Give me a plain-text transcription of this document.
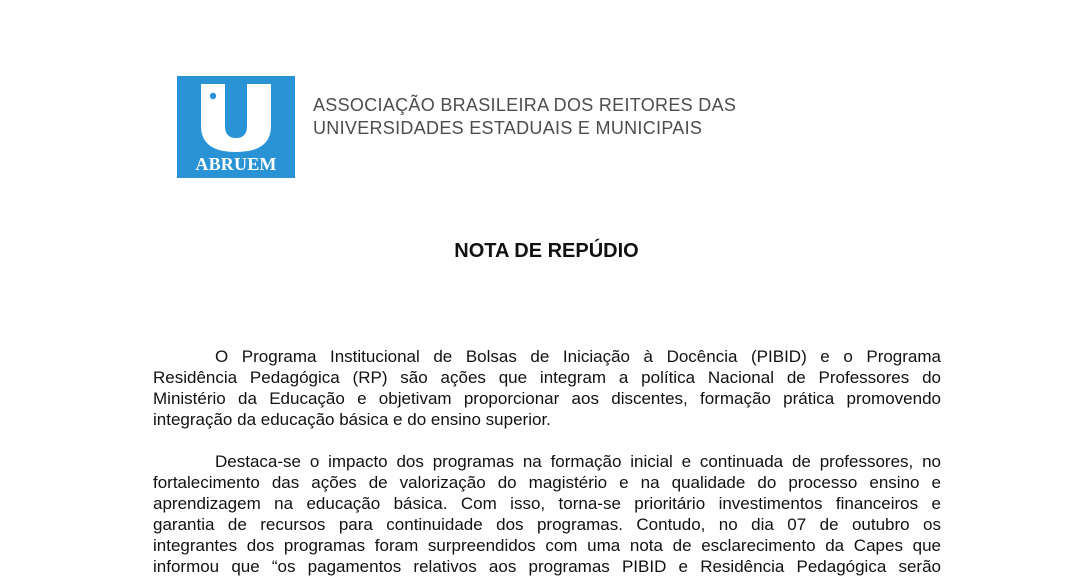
ABRUEM
ASSOCIAÇÃO BRASILEIRA DOS REITORES DAS
UNIVERSIDADES ESTADUAIS E MUNICIPAIS
NOTA DE REPÚDIO
O Programa Institucional de Bolsas de Iniciação à Docência (PIBID) e o Programa
Residência Pedagógica (RP) são ações que integram a política Nacional de Professores do
Ministério da Educação e objetivam proporcionar aos discentes, formação prática promovendo
integração da educação básica e do ensino superior.
Destaca-se o impacto dos programas na formação inicial e continuada de professores, no
fortalecimento das ações de valorização do magistério e na qualidade do processo ensino e
aprendizagem na educação básica. Com isso, torna-se prioritário investimentos financeiros e
garantia de recursos para continuidade dos programas. Contudo, no dia 07 de outubro os
integrantes dos programas foram surpreendidos com uma nota de esclarecimento da Capes que
informou que “os pagamentos relativos aos programas PIBID e Residência Pedagógica serão
